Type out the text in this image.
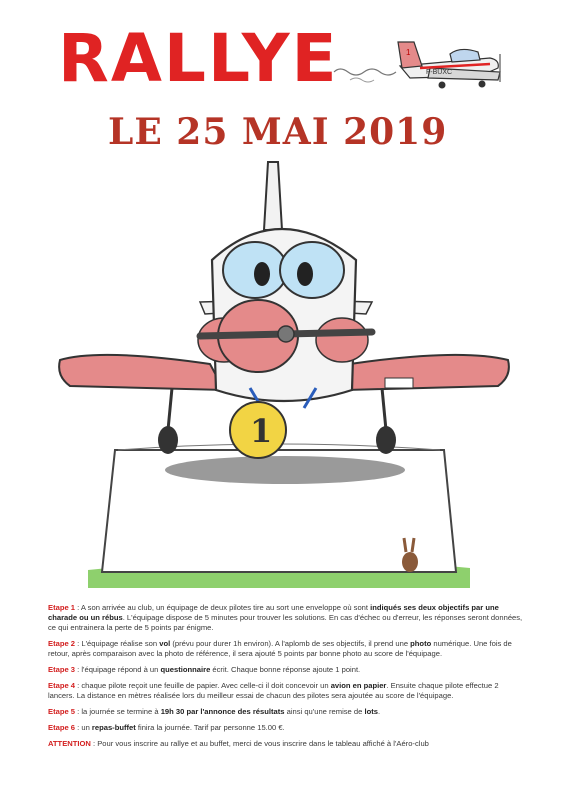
RALLYE	1
F-BUXC
LE 25 MAI 2019
1

Etape 1 : A son arrivée au club, un équipage de deux pilotes tire au sort une enveloppe où sont indiqués ses deux objectifs par une charade ou un rébus. L'équipage dispose de 5 minutes pour trouver les solutions. En cas d'échec ou d'erreur, les réponses seront données, ce qui entrainera la perte de 5 points par énigme.

Etape 2 : L'équipage réalise son vol (prévu pour durer 1h environ). A l'aplomb de ses objectifs, il prend une photo numérique. Une fois de retour, après comparaison avec la photo de référence, il sera ajouté 5 points par bonne photo au score de l'équipage.

Etape 3 : l'équipage répond à un questionnaire écrit. Chaque bonne réponse ajoute 1 point.

Etape 4 : chaque pilote reçoit une feuille de papier. Avec celle-ci il doit concevoir un avion en papier. Ensuite chaque pilote effectue 2 lancers. La distance en mètres réalisée lors du meilleur essai de chacun des pilotes sera ajoutée au score de l'équipage.

Etape 5 : la journée se termine à 19h 30 par l'annonce des résultats ainsi qu'une remise de lots.

Etape 6 : un repas-buffet finira la journée. Tarif par personne 15.00 €.

ATTENTION : Pour vous inscrire au rallye et au buffet, merci de vous inscrire dans le tableau affiché à l'Aéro-club
